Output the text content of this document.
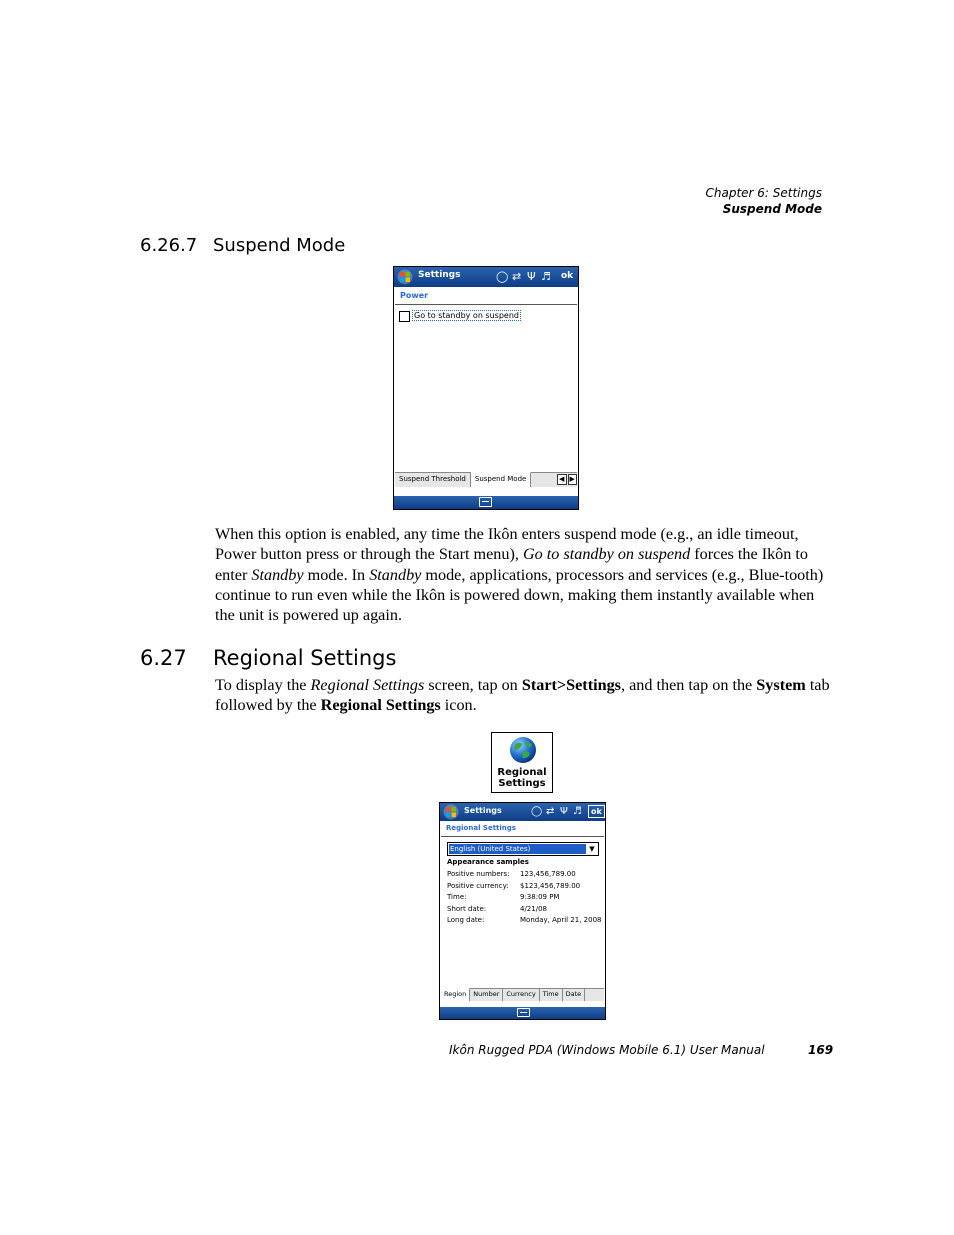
Chapter 6: Settings
Suspend Mode
6.26.7 Suspend Mode
Settings	◯ ⇄ Ψ ♬ ok
Power
Go to standby on suspend
Suspend Threshold	Suspend Mode	◀ ▶

When this option is enabled, any time the Ikôn enters suspend mode (e.g., an idle timeout, Power button press or through the Start menu), Go to standby on suspend forces the Ikôn to enter Standby mode. In Standby mode, applications, processors and services (e.g., Blue-tooth) continue to run even while the Ikôn is powered down, making them instantly available when the unit is powered up again.

6.27 Regional Settings

To display the Regional Settings screen, tap on Start>Settings, and then tap on the System tab followed by the Regional Settings icon.

Regional
Settings
Settings	◯ ⇄ Ψ ♬	ok
Regional Settings
English (United States)	▼
Appearance samples
Positive numbers: 123,456,789.00
Positive currency: $123,456,789.00
Time:	9:38:09 PM
Short date:	4/21/08
Long date:	Monday, April 21, 2008
Region	Number	Currency	Time	Date
Ikôn Rugged PDA (Windows Mobile 6.1) User Manual	169
